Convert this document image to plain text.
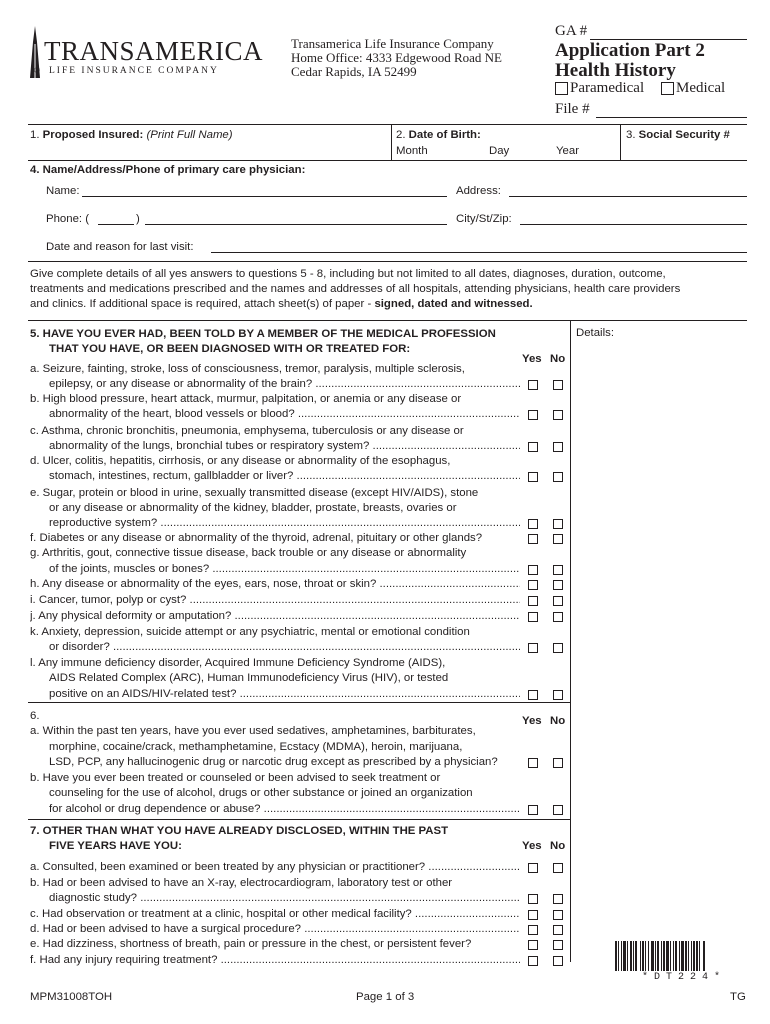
TRANSAMERICA
® LIFE INSURANCE COMPANY
Transamerica Life Insurance Company
Home Office: 4333 Edgewood Road NE
Cedar Rapids, IA 52499
GA #
Application Part 2
Health History
Paramedical Medical
File #
1. Proposed Insured: (Print Full Name)	2. Date of Birth:
Month	Day	Year
3. Social Security #
4. Name/Address/Phone of primary care physician:
Name:	Address:
Phone: (	)	City/St/Zip:
Date and reason for last visit:
Give complete details of all yes answers to questions 5 - 8, including but not limited to all dates, diagnoses, duration, outcome,
treatments and medications prescribed and the names and addresses of all hospitals, attending physicians, health care providers
and clinics. If additional space is required, attach sheet(s) of paper - signed, dated and witnessed.
Details:
5. HAVE YOU EVER HAD, BEEN TOLD BY A MEMBER OF THE MEDICAL PROFESSION
THAT YOU HAVE, OR BEEN DIAGNOSED WITH OR TREATED FOR:
Yes No
a. Seizure, fainting, stroke, loss of consciousness, tremor, paralysis, multiple sclerosis,
epilepsy, or any disease or abnormality of the brain? .....
b. High blood pressure, heart attack, murmur, palpitation, or anemia or any disease or
abnormality of the heart, blood vessels or blood? .....
c. Asthma, chronic bronchitis, pneumonia, emphysema, tuberculosis or any disease or
abnormality of the lungs, bronchial tubes or respiratory system? .....
d. Ulcer, colitis, hepatitis, cirrhosis, or any disease or abnormality of the esophagus,
stomach, intestines, rectum, gallbladder or liver? .....
e. Sugar, protein or blood in urine, sexually transmitted disease (except HIV/AIDS), stone
or any disease or abnormality of the kidney, bladder, prostate, breasts, ovaries or
reproductive system? .....
f. Diabetes or any disease or abnormality of the thyroid, adrenal, pituitary or other glands?
g. Arthritis, gout, connective tissue disease, back trouble or any disease or abnormality
of the joints, muscles or bones? .....
h. Any disease or abnormality of the eyes, ears, nose, throat or skin? .....
i. Cancer, tumor, polyp or cyst? .....
j. Any physical deformity or amputation? .....
k. Anxiety, depression, suicide attempt or any psychiatric, mental or emotional condition
or disorder? .....
l. Any immune deficiency disorder, Acquired Immune Deficiency Syndrome (AIDS),
AIDS Related Complex (ARC), Human Immunodeficiency Virus (HIV), or tested
positive on an AIDS/HIV-related test? .....
6.	Yes No
a. Within the past ten years, have you ever used sedatives, amphetamines, barbiturates,
morphine, cocaine/crack, methamphetamine, Ecstacy (MDMA), heroin, marijuana,
LSD, PCP, any hallucinogenic drug or narcotic drug except as prescribed by a physician?
b. Have you ever been treated or counseled or been advised to seek treatment or
counseling for the use of alcohol, drugs or other substance or joined an organization
for alcohol or drug dependence or abuse? .....
7. OTHER THAN WHAT YOU HAVE ALREADY DISCLOSED, WITHIN THE PAST
FIVE YEARS HAVE YOU:	Yes No
a. Consulted, been examined or been treated by any physician or practitioner? .....
b. Had or been advised to have an X-ray, electrocardiogram, laboratory test or other
diagnostic study? .....
c. Had observation or treatment at a clinic, hospital or other medical facility? .....
d. Had or been advised to have a surgical procedure? .....
e. Had dizziness, shortness of breath, pain or pressure in the chest, or persistent fever?
f. Had any injury requiring treatment? .....
* D T 2 2 4 *
MPM31008TOH	Page 1 of 3	TG
